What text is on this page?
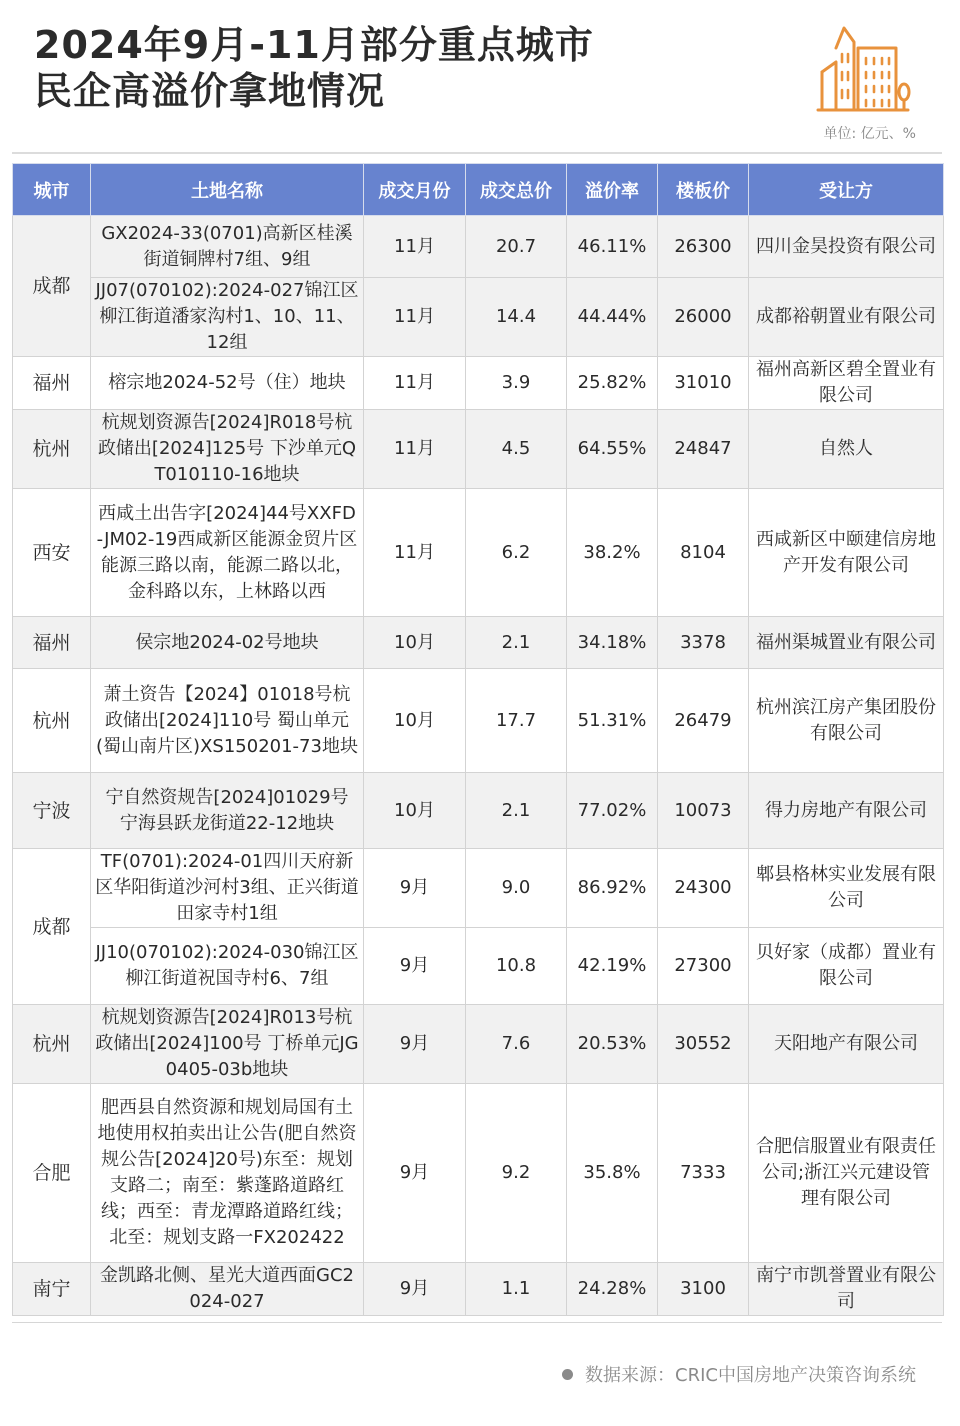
2024年9月-11月部分重点城市
民企高溢价拿地情况
单位: 亿元、%
城市	土地名称	成交月份	成交总价	溢价率	楼板价	受让方
成都	GX2024-33(0701)高新区桂溪街道铜牌村7组、9组	11月	20.7	46.11%	26300	四川金昊投资有限公司
	JJ07(070102):2024-027锦江区柳江街道潘家沟村1、10、11、12组	11月	14.4	44.44%	26000	成都裕朝置业有限公司
福州	榕宗地2024-52号（住）地块	11月	3.9	25.82%	31010	福州高新区碧全置业有限公司
杭州	杭规划资源告[2024]R018号杭政储出[2024]125号 下沙单元QT010110-16地块	11月	4.5	64.55%	24847	自然人
西安	西咸土出告字[2024]44号XXFD-JM02-19西咸新区能源金贸片区能源三路以南，能源二路以北，金科路以东，上林路以西	11月	6.2	38.2%	8104	西咸新区中颐建信房地产开发有限公司
福州	侯宗地2024-02号地块	10月	2.1	34.18%	3378	福州渠城置业有限公司
杭州	萧土资告【2024】01018号杭政储出[2024]110号 蜀山单元(蜀山南片区)XS150201-73地块	10月	17.7	51.31%	26479	杭州滨江房产集团股份有限公司
宁波	宁自然资规告[2024]01029号 宁海县跃龙街道22-12地块	10月	2.1	77.02%	10073	得力房地产有限公司
成都	TF(0701):2024-01四川天府新区华阳街道沙河村3组、正兴街道田家寺村1组	9月	9.0	86.92%	24300	郫县格林实业发展有限公司
	JJ10(070102):2024-030锦江区柳江街道祝国寺村6、7组	9月	10.8	42.19%	27300	贝好家（成都）置业有限公司
杭州	杭规划资源告[2024]R013号杭政储出[2024]100号 丁桥单元JG0405-03b地块	9月	7.6	20.53%	30552	天阳地产有限公司
合肥	肥西县自然资源和规划局国有土地使用权拍卖出让公告(肥自然资规公告[2024]20号)东至：规划支路二；南至：紫蓬路道路红线；西至：青龙潭路道路红线；北至：规划支路一FX202422	9月	9.2	35.8%	7333	合肥信服置业有限责任公司;浙江兴元建设管理有限公司
南宁	金凯路北侧、星光大道西面GC2024-027	9月	1.1	24.28%	3100	南宁市凯誉置业有限公司
数据来源：CRIC中国房地产决策咨询系统
